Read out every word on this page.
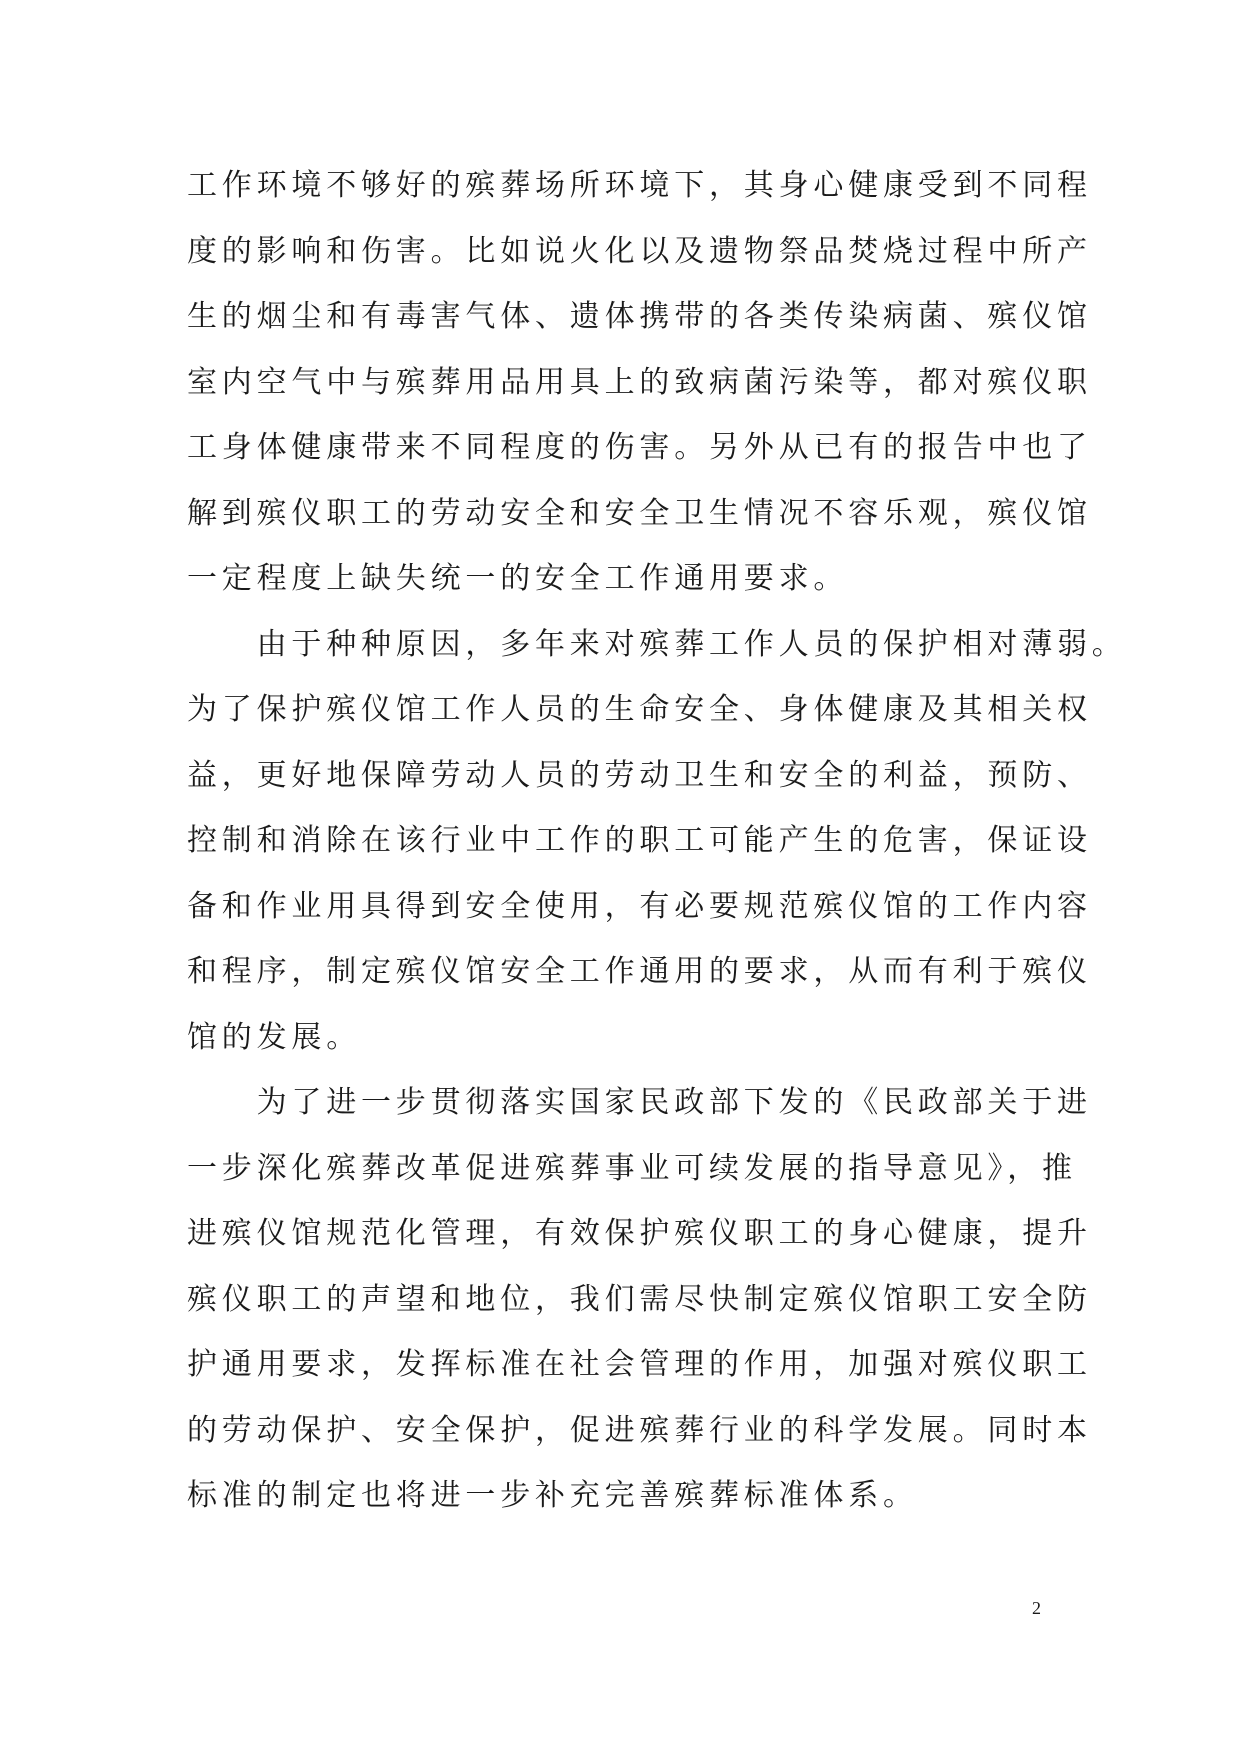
工作环境不够好的殡葬场所环境下，其身心健康受到不同程
度的影响和伤害。比如说火化以及遗物祭品焚烧过程中所产
生的烟尘和有毒害气体、遗体携带的各类传染病菌、殡仪馆
室内空气中与殡葬用品用具上的致病菌污染等，都对殡仪职
工身体健康带来不同程度的伤害。另外从已有的报告中也了
解到殡仪职工的劳动安全和安全卫生情况不容乐观，殡仪馆
一定程度上缺失统一的安全工作通用要求。
　　由于种种原因，多年来对殡葬工作人员的保护相对薄弱。
为了保护殡仪馆工作人员的生命安全、身体健康及其相关权
益，更好地保障劳动人员的劳动卫生和安全的利益，预防、
控制和消除在该行业中工作的职工可能产生的危害，保证设
备和作业用具得到安全使用，有必要规范殡仪馆的工作内容
和程序，制定殡仪馆安全工作通用的要求，从而有利于殡仪
馆的发展。
　　为了进一步贯彻落实国家民政部下发的《民政部关于进
一步深化殡葬改革促进殡葬事业可续发展的指导意见》，推
进殡仪馆规范化管理，有效保护殡仪职工的身心健康，提升
殡仪职工的声望和地位，我们需尽快制定殡仪馆职工安全防
护通用要求，发挥标准在社会管理的作用，加强对殡仪职工
的劳动保护、安全保护，促进殡葬行业的科学发展。同时本
标准的制定也将进一步补充完善殡葬标准体系。
2
